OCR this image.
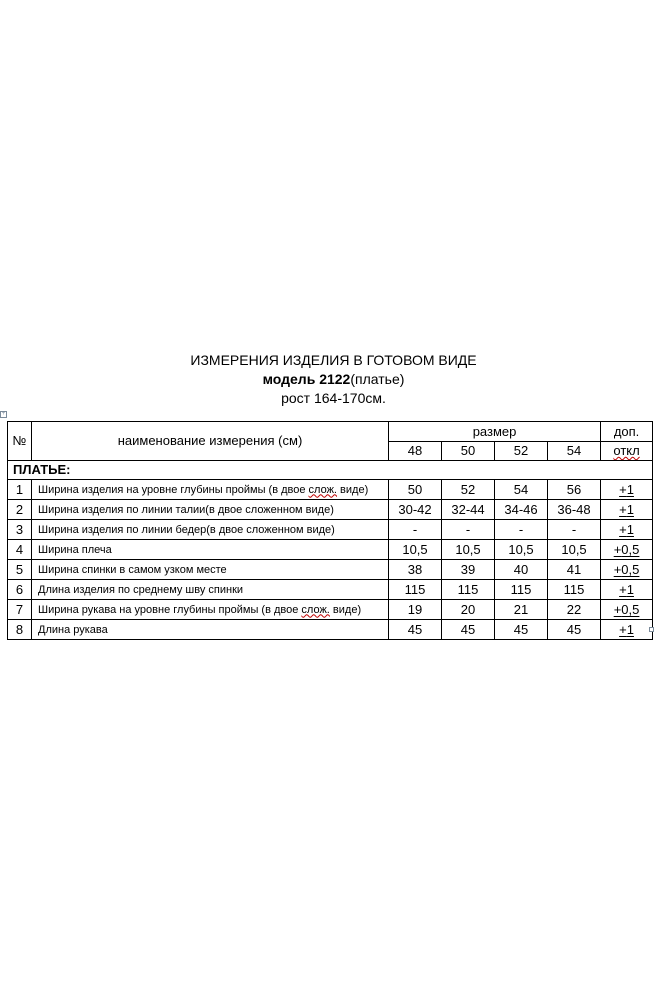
ИЗМЕРЕНИЯ ИЗДЕЛИЯ В ГОТОВОМ ВИДЕ
модель 2122(платье)
рост 164-170см.
+
№	наименование измерения (см)	размер				доп.
		48	50	52	54	откл
ПЛАТЬЕ:						
1	Ширина изделия на уровне глубины проймы (в двое слож. виде)	50	52	54	56	+1
2	Ширина изделия по линии талии(в двое сложенном виде)	30-42	32-44	34-46	36-48	+1
3	Ширина изделия по линии бедер(в двое сложенном виде)	-	-	-	-	+1
4	Ширина плеча	10,5	10,5	10,5	10,5	+0,5
5	Ширина спинки в самом узком месте	38	39	40	41	+0,5
6	Длина изделия по среднему шву спинки	115	115	115	115	+1
7	Ширина рукава на уровне глубины проймы (в двое слож. виде)	19	20	21	22	+0,5
8	Длина рукава	45	45	45	45	+1
